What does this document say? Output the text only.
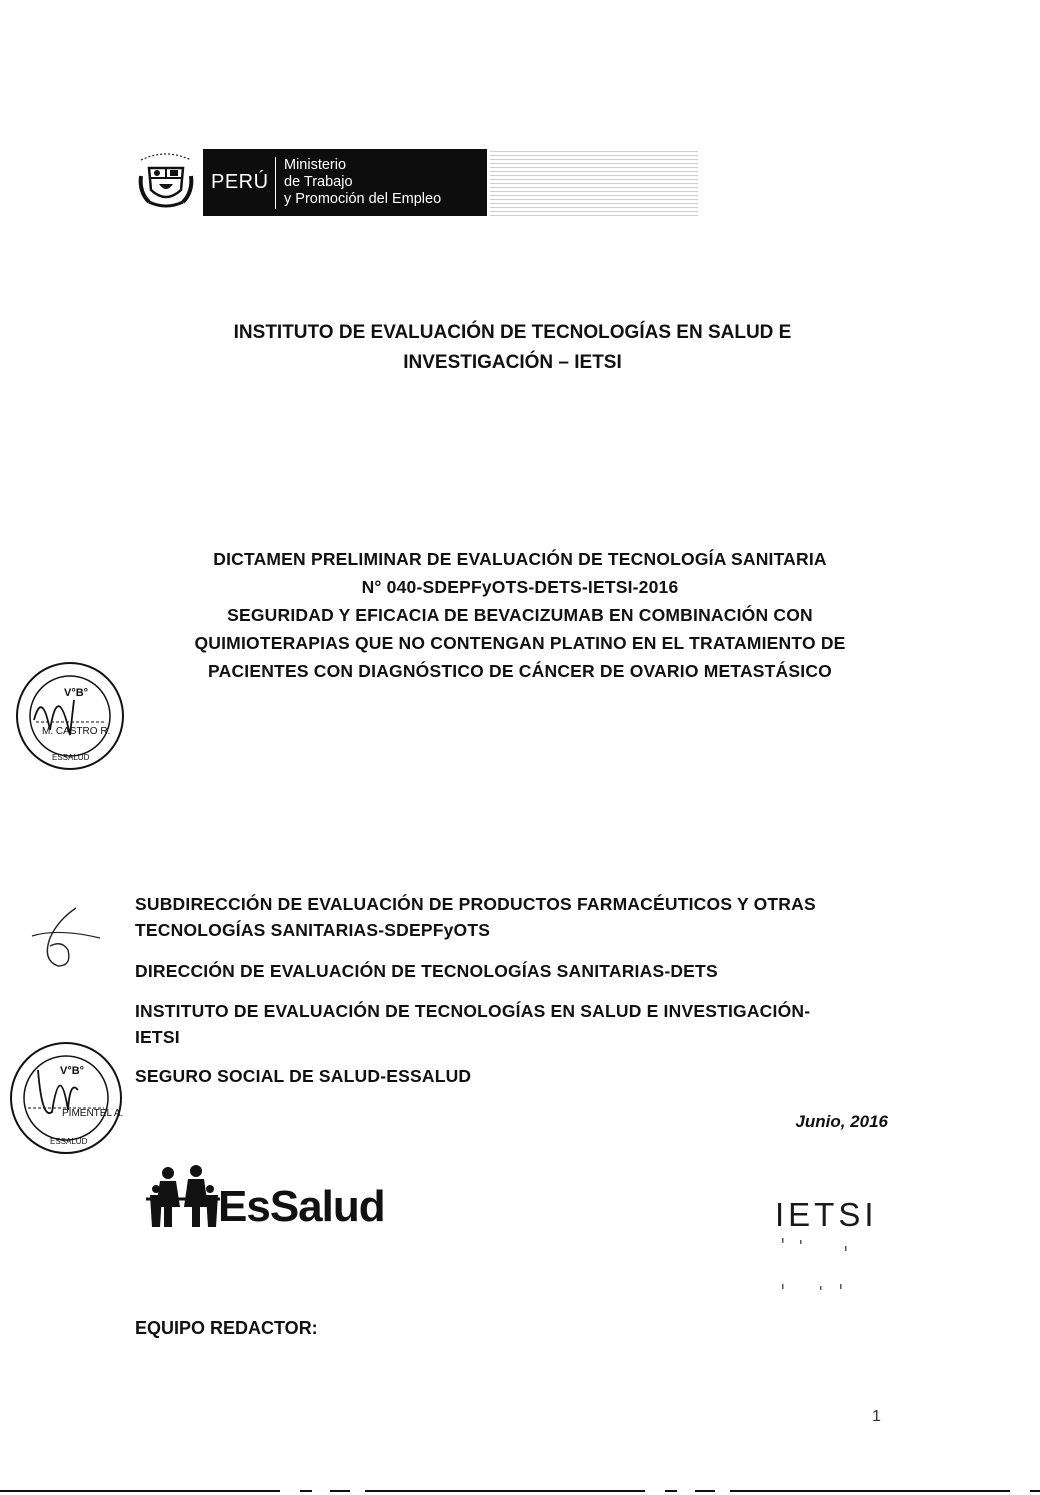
PERÚ
Ministerio
de Trabajo
y Promoción del Empleo
INSTITUTO DE EVALUACIÓN DE TECNOLOGÍAS EN SALUD E
INVESTIGACIÓN – IETSI
DICTAMEN PRELIMINAR DE EVALUACIÓN DE TECNOLOGÍA SANITARIA
N° 040-SDEPFyOTS-DETS-IETSI-2016
SEGURIDAD Y EFICACIA DE BEVACIZUMAB EN COMBINACIÓN CON
QUIMIOTERAPIAS QUE NO CONTENGAN PLATINO EN EL TRATAMIENTO DE
PACIENTES CON DIAGNÓSTICO DE CÁNCER DE OVARIO METASTÁSICO
V°B°
M. CASTRO R.
ESSALUD
SUBDIRECCIÓN DE EVALUACIÓN DE PRODUCTOS FARMACÉUTICOS Y OTRAS
TECNOLOGÍAS SANITARIAS-SDEPFyOTS
DIRECCIÓN DE EVALUACIÓN DE TECNOLOGÍAS SANITARIAS-DETS
INSTITUTO DE EVALUACIÓN DE TECNOLOGÍAS EN SALUD E INVESTIGACIÓN-
IETSI
SEGURO SOCIAL DE SALUD-ESSALUD
V°B°
PIMENTEL A.
ESSALUD
Junio, 2016
EsSalud	IETSI
EQUIPO REDACTOR:
1
